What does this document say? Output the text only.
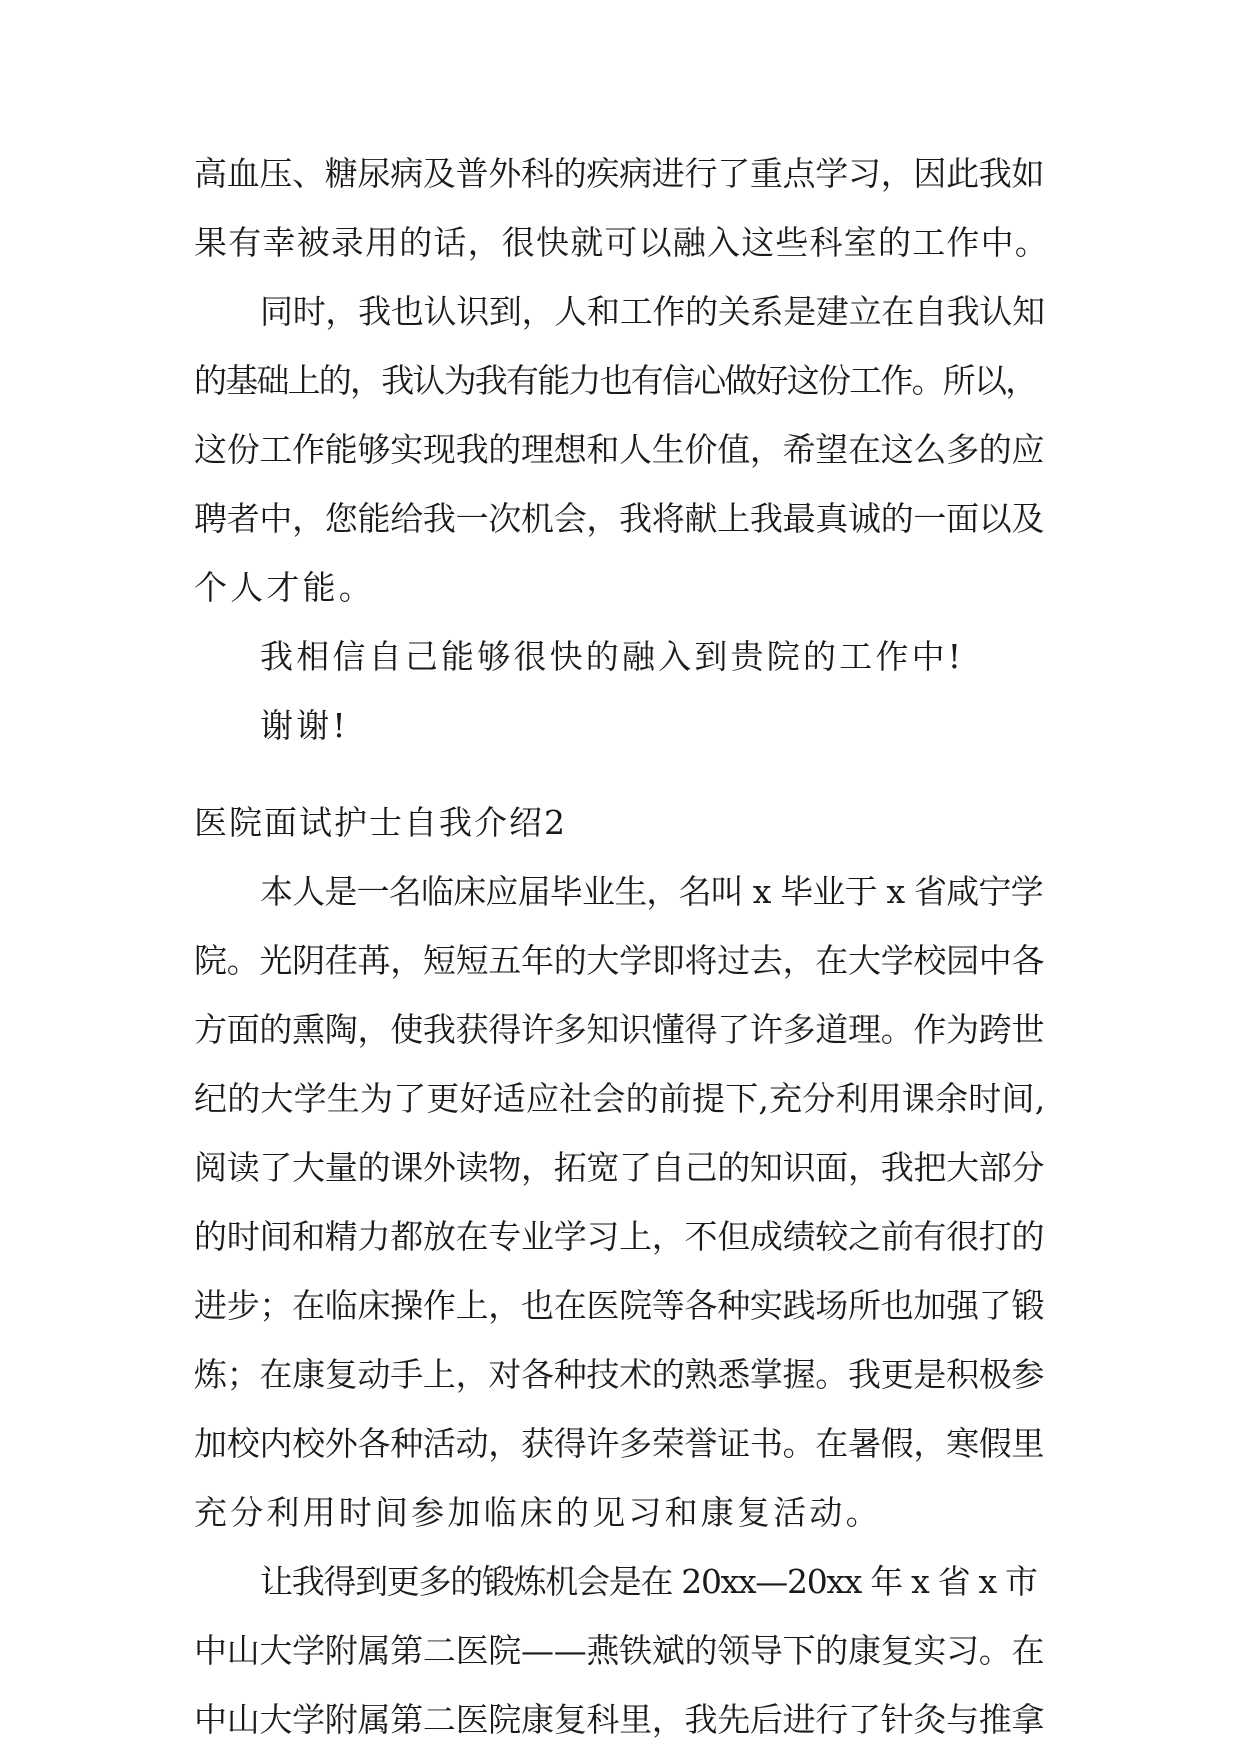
高血压、糖尿病及普外科的疾病进行了重点学习，因此我如
果有幸被录用的话，很快就可以融入这些科室的工作中。
同时，我也认识到，人和工作的关系是建立在自我认知
的基础上的，我认为我有能力也有信心做好这份工作。所以，
这份工作能够实现我的理想和人生价值，希望在这么多的应
聘者中，您能给我一次机会，我将献上我最真诚的一面以及
个人才能。
我相信自己能够很快的融入到贵院的工作中!
谢谢!
医院面试护士自我介绍2
本人是一名临床应届毕业生，名叫 x 毕业于 x 省咸宁学
院。光阴荏苒，短短五年的大学即将过去，在大学校园中各
方面的熏陶，使我获得许多知识懂得了许多道理。作为跨世
纪的大学生为了更好适应社会的前提下,充分利用课余时间,
阅读了大量的课外读物，拓宽了自己的知识面，我把大部分
的时间和精力都放在专业学习上，不但成绩较之前有很打的
进步；在临床操作上，也在医院等各种实践场所也加强了锻
炼；在康复动手上，对各种技术的熟悉掌握。我更是积极参
加校内校外各种活动，获得许多荣誉证书。在暑假，寒假里
充分利用时间参加临床的见习和康复活动。
让我得到更多的锻炼机会是在 20xx—20xx 年 x 省 x 市
中山大学附属第二医院——燕铁斌的领导下的康复实习。在
中山大学附属第二医院康复科里，我先后进行了针灸与推拿
